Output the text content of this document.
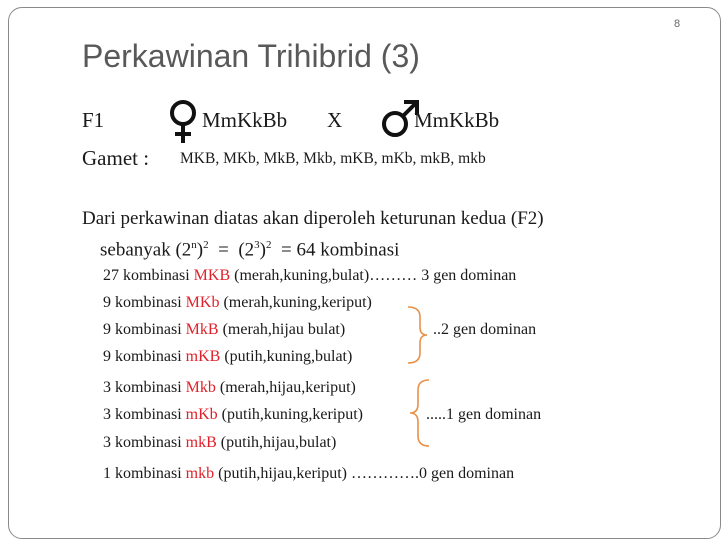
8
Perkawinan Trihibrid (3)
F1	MmKkBb X	MmKkBb
Gamet : MKB, MKb, MkB, Mkb, mKB, mKb, mkB, mkb
Dari perkawinan diatas akan diperoleh keturunan kedua (F2)
sebanyak $(2^n)^2 = (2^3)^2 = 64$ kombinasi
27 kombinasi MKB (merah,kuning,bulat)……… 3 gen dominan
9 kombinasi MKb (merah,kuning,keriput)
9 kombinasi MkB (merah,hijau bulat)
9 kombinasi mKB (putih,kuning,bulat)
3 kombinasi Mkb (merah,hijau,keriput)
3 kombinasi mKb (putih,kuning,keriput)
3 kombinasi mkB (putih,hijau,bulat)
1 kombinasi mkb (putih,hijau,keriput) ………….0 gen dominan
..2 gen dominan
.....1 gen dominan
